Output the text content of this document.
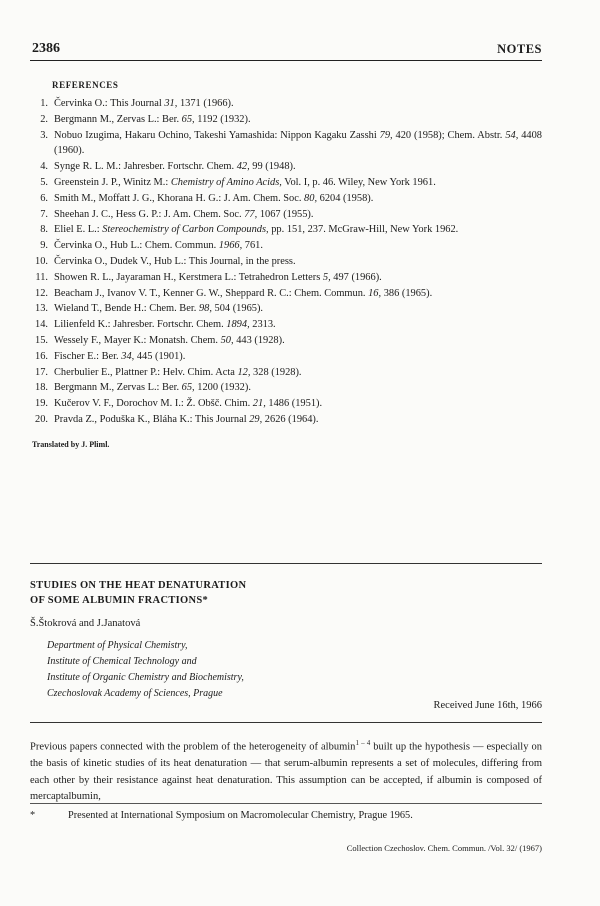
2386	NOTES
REFERENCES
1. Červinka O.: This Journal 31, 1371 (1966).
2. Bergmann M., Zervas L.: Ber. 65, 1192 (1932).
3. Nobuo Izugima, Hakaru Ochino, Takeshi Yamashida: Nippon Kagaku Zasshi 79, 420 (1958); Chem. Abstr. 54, 4408 (1960).
4. Synge R. L. M.: Jahresber. Fortschr. Chem. 42, 99 (1948).
5. Greenstein J. P., Winitz M.: Chemistry of Amino Acids, Vol. I, p. 46. Wiley, New York 1961.
6. Smith M., Moffatt J. G., Khorana H. G.: J. Am. Chem. Soc. 80, 6204 (1958).
7. Sheehan J. C., Hess G. P.: J. Am. Chem. Soc. 77, 1067 (1955).
8. Eliel E. L.: Stereochemistry of Carbon Compounds, pp. 151, 237. McGraw-Hill, New York 1962.
9. Červinka O., Hub L.: Chem. Commun. 1966, 761.
10. Červinka O., Dudek V., Hub L.: This Journal, in the press.
11. Showen R. L., Jayaraman H., Kerstmera L.: Tetrahedron Letters 5, 497 (1966).
12. Beacham J., Ivanov V. T., Kenner G. W., Sheppard R. C.: Chem. Commun. 16, 386 (1965).
13. Wieland T., Bende H.: Chem. Ber. 98, 504 (1965).
14. Lilienfeld K.: Jahresber. Fortschr. Chem. 1894, 2313.
15. Wessely F., Mayer K.: Monatsh. Chem. 50, 443 (1928).
16. Fischer E.: Ber. 34, 445 (1901).
17. Cherbulier E., Plattner P.: Helv. Chim. Acta 12, 328 (1928).
18. Bergmann M., Zervas L.: Ber. 65, 1200 (1932).
19. Kučerov V. F., Dorochov M. I.: Ž. Obšč. Chim. 21, 1486 (1951).
20. Pravda Z., Poduška K., Bláha K.: This Journal 29, 2626 (1964).
Translated by J. Pliml.
STUDIES ON THE HEAT DENATURATION
OF SOME ALBUMIN FRACTIONS*
Š.Štokrová and J.Janatová
Department of Physical Chemistry,
Institute of Chemical Technology and
Institute of Organic Chemistry and Biochemistry,
Czechoslovak Academy of Sciences, Prague
Received June 16th, 1966
Previous papers connected with the problem of the heterogeneity of albumin$^{1 - 4}$ built up the hypothesis — especially on the basis of kinetic studies of its heat denaturation — that serum-albumin represents a set of molecules, differing from each other by their resistance against heat denaturation. This assumption can be accepted, if albumin is composed of mercaptalbumin,
*	Presented at International Symposium on Macromolecular Chemistry, Prague 1965.
Collection Czechoslov. Chem. Commun. /Vol. 32/ (1967)
